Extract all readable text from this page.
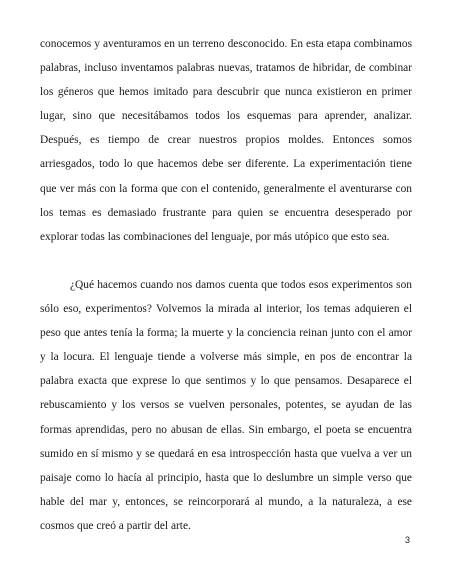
conocemos y aventuramos en un terreno desconocido. En esta etapa combinamos palabras, incluso inventamos palabras nuevas, tratamos de hibridar, de combinar los géneros que hemos imitado para descubrir que nunca existieron en primer lugar, sino que necesitábamos todos los esquemas para aprender, analizar. Después, es tiempo de crear nuestros propios moldes. Entonces somos arriesgados, todo lo que hacemos debe ser diferente. La experimentación tiene que ver más con la forma que con el contenido, generalmente el aventurarse con los temas es demasiado frustrante para quien se encuentra desesperado por explorar todas las combinaciones del lenguaje, por más utópico que esto sea.

¿Qué hacemos cuando nos damos cuenta que todos esos experimentos son sólo eso, experimentos? Volvemos la mirada al interior, los temas adquieren el peso que antes tenía la forma; la muerte y la conciencia reinan junto con el amor y la locura. El lenguaje tiende a volverse más simple, en pos de encontrar la palabra exacta que exprese lo que sentimos y lo que pensamos. Desaparece el rebuscamiento y los versos se vuelven personales, potentes, se ayudan de las formas aprendidas, pero no abusan de ellas. Sin embargo, el poeta se encuentra sumido en sí mismo y se quedará en esa introspección hasta que vuelva a ver un paisaje como lo hacía al principio, hasta que lo deslumbre un simple verso que hable del mar y, entonces, se reincorporará al mundo, a la naturaleza, a ese cosmos que creó a partir del arte.

3
